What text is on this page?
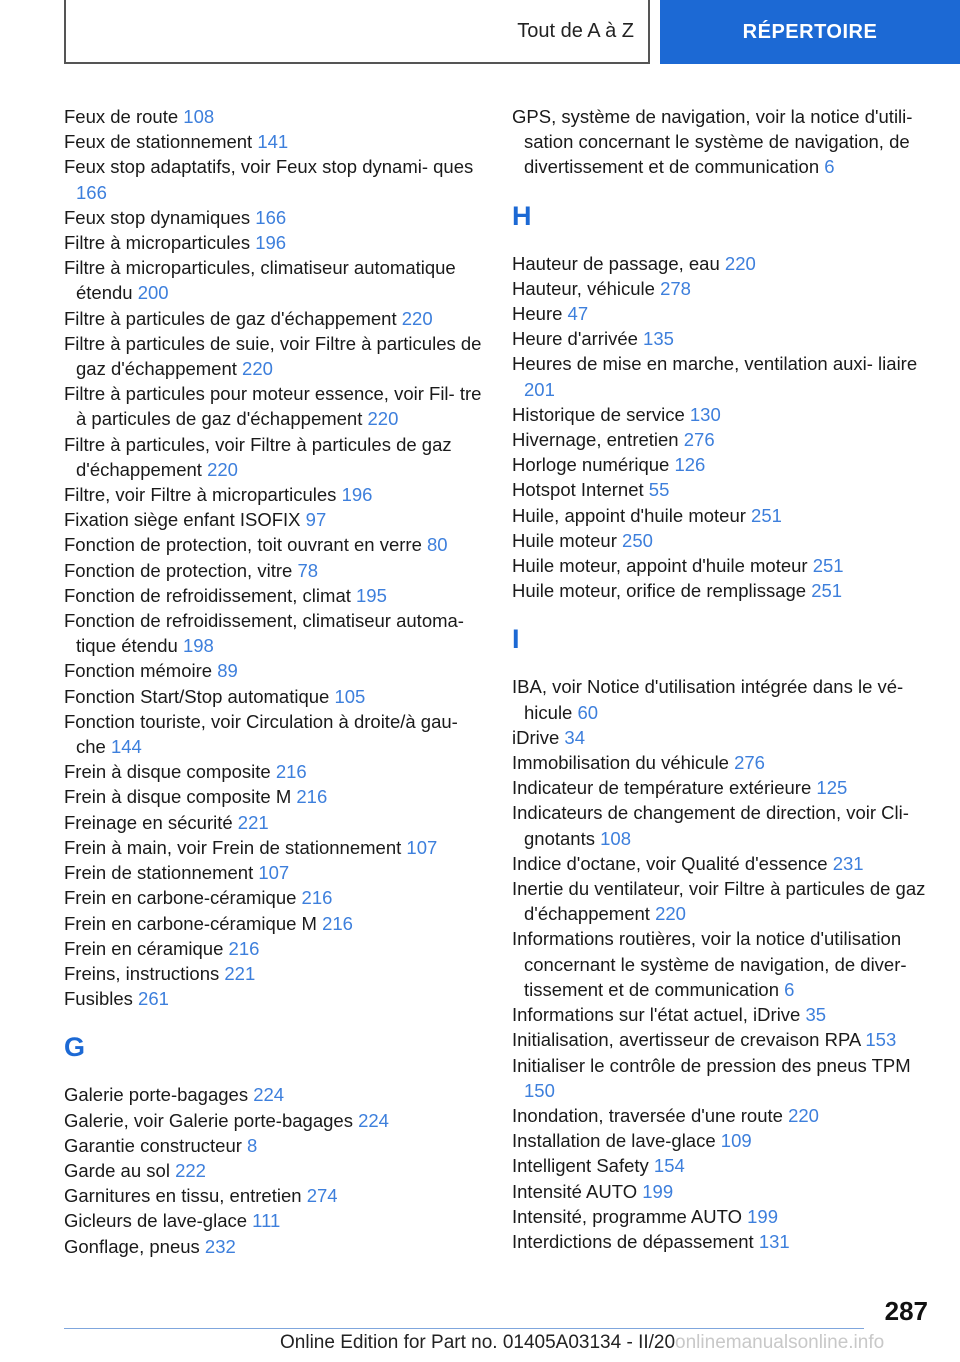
Tout de A à Z	RÉPERTOIRE
Feux de route 108
Feux de stationnement 141
Feux stop adaptatifs, voir Feux stop dynami‐ ques 166
Feux stop dynamiques 166
Filtre à microparticules 196
Filtre à microparticules, climatiseur automatique étendu 200
Filtre à particules de gaz d'échappement 220
Filtre à particules de suie, voir Filtre à particules de gaz d'échappement 220
Filtre à particules pour moteur essence, voir Fil‐ tre à particules de gaz d'échappement 220
Filtre à particules, voir Filtre à particules de gaz d'échappement 220
Filtre, voir Filtre à microparticules 196
Fixation siège enfant ISOFIX 97
Fonction de protection, toit ouvrant en verre 80
Fonction de protection, vitre 78
Fonction de refroidissement, climat 195
Fonction de refroidissement, climatiseur automa‐ tique étendu 198
Fonction mémoire 89
Fonction Start/Stop automatique 105
Fonction touriste, voir Circulation à droite/à gau‐ che 144
Frein à disque composite 216
Frein à disque composite M 216
Freinage en sécurité 221
Frein à main, voir Frein de stationnement 107
Frein de stationnement 107
Frein en carbone-céramique 216
Frein en carbone-céramique M 216
Frein en céramique 216
Freins, instructions 221
Fusibles 261
G
Galerie porte-bagages 224
Galerie, voir Galerie porte-bagages 224
Garantie constructeur 8
Garde au sol 222
Garnitures en tissu, entretien 274
Gicleurs de lave-glace 111
Gonflage, pneus 232
GPS, système de navigation, voir la notice d'utili‐ sation concernant le système de navigation, de divertissement et de communication 6
H
Hauteur de passage, eau 220
Hauteur, véhicule 278
Heure 47
Heure d'arrivée 135
Heures de mise en marche, ventilation auxi‐ liaire 201
Historique de service 130
Hivernage, entretien 276
Horloge numérique 126
Hotspot Internet 55
Huile, appoint d'huile moteur 251
Huile moteur 250
Huile moteur, appoint d'huile moteur 251
Huile moteur, orifice de remplissage 251
I
IBA, voir Notice d'utilisation intégrée dans le vé‐ hicule 60
iDrive 34
Immobilisation du véhicule 276
Indicateur de température extérieure 125
Indicateurs de changement de direction, voir Cli‐ gnotants 108
Indice d'octane, voir Qualité d'essence 231
Inertie du ventilateur, voir Filtre à particules de gaz d'échappement 220
Informations routières, voir la notice d'utilisation concernant le système de navigation, de diver‐ tissement et de communication 6
Informations sur l'état actuel, iDrive 35
Initialisation, avertisseur de crevaison RPA 153
Initialiser le contrôle de pression des pneus TPM 150
Inondation, traversée d'une route 220
Installation de lave-glace 109
Intelligent Safety 154
Intensité AUTO 199
Intensité, programme AUTO 199
Interdictions de dépassement 131
287
Online Edition for Part no. 01405A03134 - II/20onlinemanualsonline.info
